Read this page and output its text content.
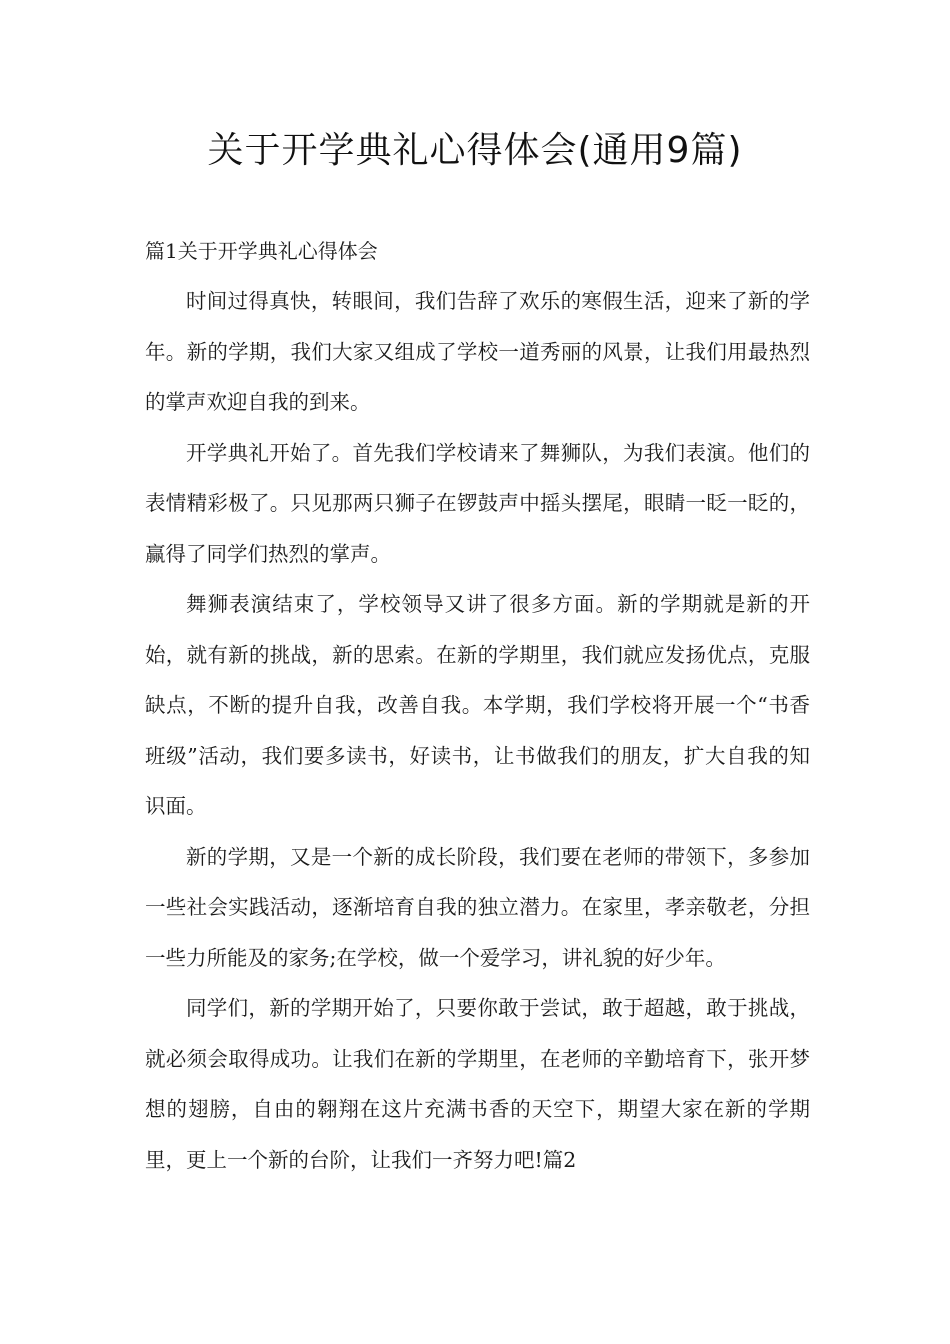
关于开学典礼心得体会(通用9篇)
篇1关于开学典礼心得体会

时间过得真快，转眼间，我们告辞了欢乐的寒假生活，迎来了新的学年。新的学期，我们大家又组成了学校一道秀丽的风景，让我们用最热烈的掌声欢迎自我的到来。

开学典礼开始了。首先我们学校请来了舞狮队，为我们表演。他们的表情精彩极了。只见那两只狮子在锣鼓声中摇头摆尾，眼睛一眨一眨的，赢得了同学们热烈的掌声。

舞狮表演结束了，学校领导又讲了很多方面。新的学期就是新的开始，就有新的挑战，新的思索。在新的学期里，我们就应发扬优点，克服缺点，不断的提升自我，改善自我。本学期，我们学校将开展一个“书香班级”活动，我们要多读书，好读书，让书做我们的朋友，扩大自我的知识面。

新的学期，又是一个新的成长阶段，我们要在老师的带领下，多参加一些社会实践活动，逐渐培育自我的独立潜力。在家里，孝亲敬老，分担一些力所能及的家务;在学校，做一个爱学习，讲礼貌的好少年。

同学们，新的学期开始了，只要你敢于尝试，敢于超越，敢于挑战，就必须会取得成功。让我们在新的学期里，在老师的辛勤培育下，张开梦想的翅膀，自由的翱翔在这片充满书香的天空下，期望大家在新的学期里，更上一个新的台阶，让我们一齐努力吧!篇2
